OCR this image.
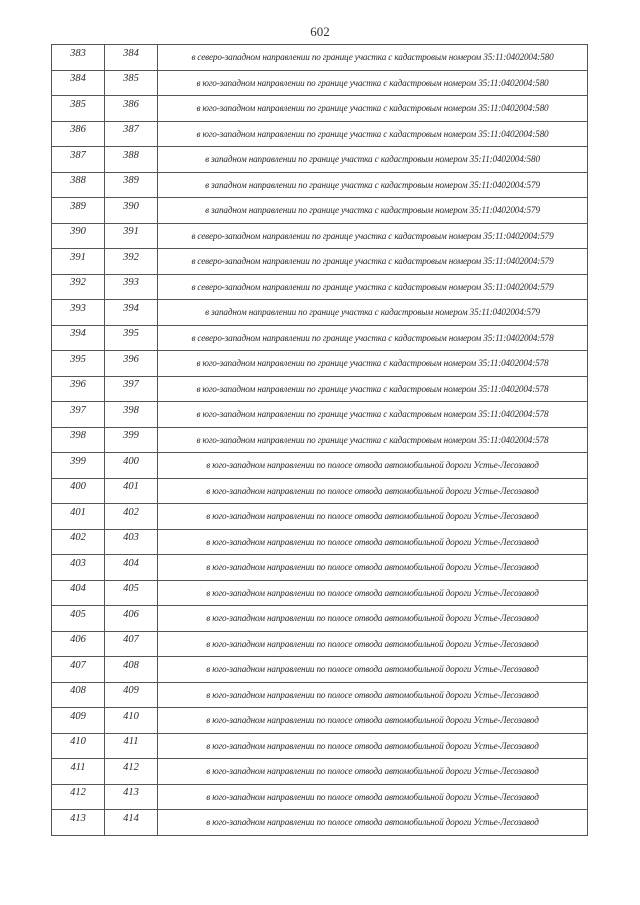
602
383	384	в северо-западном направлении по границе участка с кадастровым номером 35:11:0402004:580
384	385	в юго-западном направлении по границе участка с кадастровым номером 35:11:0402004:580
385	386	в юго-западном направлении по границе участка с кадастровым номером 35:11:0402004:580
386	387	в юго-западном направлении по границе участка с кадастровым номером 35:11:0402004:580
387	388	в западном направлении по границе участка с кадастровым номером 35:11:0402004:580
388	389	в западном направлении по границе участка с кадастровым номером 35:11:0402004:579
389	390	в западном направлении по границе участка с кадастровым номером 35:11:0402004:579
390	391	в северо-западном направлении по границе участка с кадастровым номером 35:11:0402004:579
391	392	в северо-западном направлении по границе участка с кадастровым номером 35:11:0402004:579
392	393	в северо-западном направлении по границе участка с кадастровым номером 35:11:0402004:579
393	394	в западном направлении по границе участка с кадастровым номером 35:11:0402004:579
394	395	в северо-западном направлении по границе участка с кадастровым номером 35:11:0402004:578
395	396	в юго-западном направлении по границе участка с кадастровым номером 35:11:0402004:578
396	397	в юго-западном направлении по границе участка с кадастровым номером 35:11:0402004:578
397	398	в юго-западном направлении по границе участка с кадастровым номером 35:11:0402004:578
398	399	в юго-западном направлении по границе участка с кадастровым номером 35:11:0402004:578
399	400	в юго-западном направлении по полосе отвода автомобильной дороги Устье-Лесозавод
400	401	в юго-западном направлении по полосе отвода автомобильной дороги Устье-Лесозавод
401	402	в юго-западном направлении по полосе отвода автомобильной дороги Устье-Лесозавод
402	403	в юго-западном направлении по полосе отвода автомобильной дороги Устье-Лесозавод
403	404	в юго-западном направлении по полосе отвода автомобильной дороги Устье-Лесозавод
404	405	в юго-западном направлении по полосе отвода автомобильной дороги Устье-Лесозавод
405	406	в юго-западном направлении по полосе отвода автомобильной дороги Устье-Лесозавод
406	407	в юго-западном направлении по полосе отвода автомобильной дороги Устье-Лесозавод
407	408	в юго-западном направлении по полосе отвода автомобильной дороги Устье-Лесозавод
408	409	в юго-западном направлении по полосе отвода автомобильной дороги Устье-Лесозавод
409	410	в юго-западном направлении по полосе отвода автомобильной дороги Устье-Лесозавод
410	411	в юго-западном направлении по полосе отвода автомобильной дороги Устье-Лесозавод
411	412	в юго-западном направлении по полосе отвода автомобильной дороги Устье-Лесозавод
412	413	в юго-западном направлении по полосе отвода автомобильной дороги Устье-Лесозавод
413	414	в юго-западном направлении по полосе отвода автомобильной дороги Устье-Лесозавод
